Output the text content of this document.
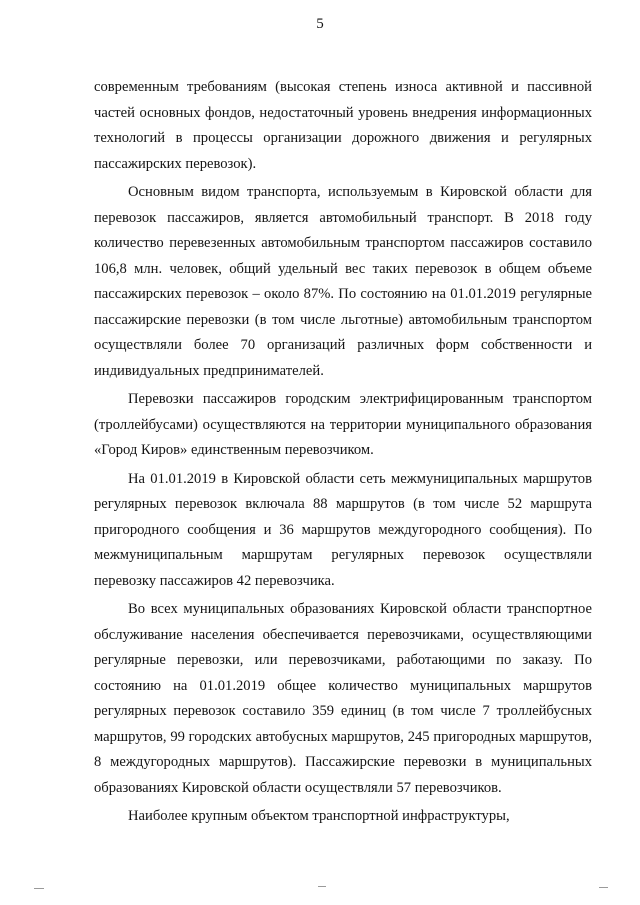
5

современным требованиям (высокая степень износа активной и пассивной частей основных фондов, недостаточный уровень внедрения информационных технологий в процессы организации дорожного движения и регулярных пассажирских перевозок).

Основным видом транспорта, используемым в Кировской области для перевозок пассажиров, является автомобильный транспорт. В 2018 году количество перевезенных автомобильным транспортом пассажиров составило 106,8 млн. человек, общий удельный вес таких перевозок в общем объеме пассажирских перевозок – около 87%. По состоянию на 01.01.2019 регулярные пассажирские перевозки (в том числе льготные) автомобильным транспортом осуществляли более 70 организаций различных форм собственности и индивидуальных предпринимателей.

Перевозки пассажиров городским электрифицированным транспортом (троллейбусами) осуществляются на территории муниципального образования «Город Киров» единственным перевозчиком.

На 01.01.2019 в Кировской области сеть межмуниципальных маршрутов регулярных перевозок включала 88 маршрутов (в том числе 52 маршрута пригородного сообщения и 36 маршрутов междугородного сообщения). По межмуниципальным маршрутам регулярных перевозок осуществляли перевозку пассажиров 42 перевозчика.

Во всех муниципальных образованиях Кировской области транспортное обслуживание населения обеспечивается перевозчиками, осуществляющими регулярные перевозки, или перевозчиками, работающими по заказу. По состоянию на 01.01.2019 общее количество муниципальных маршрутов регулярных перевозок составило 359 единиц (в том числе 7 троллейбусных маршрутов, 99 городских автобусных маршрутов, 245 пригородных маршрутов, 8 междугородных маршрутов). Пассажирские перевозки в муниципальных образованиях Кировской области осуществляли 57 перевозчиков.

Наиболее крупным объектом транспортной инфраструктуры,
